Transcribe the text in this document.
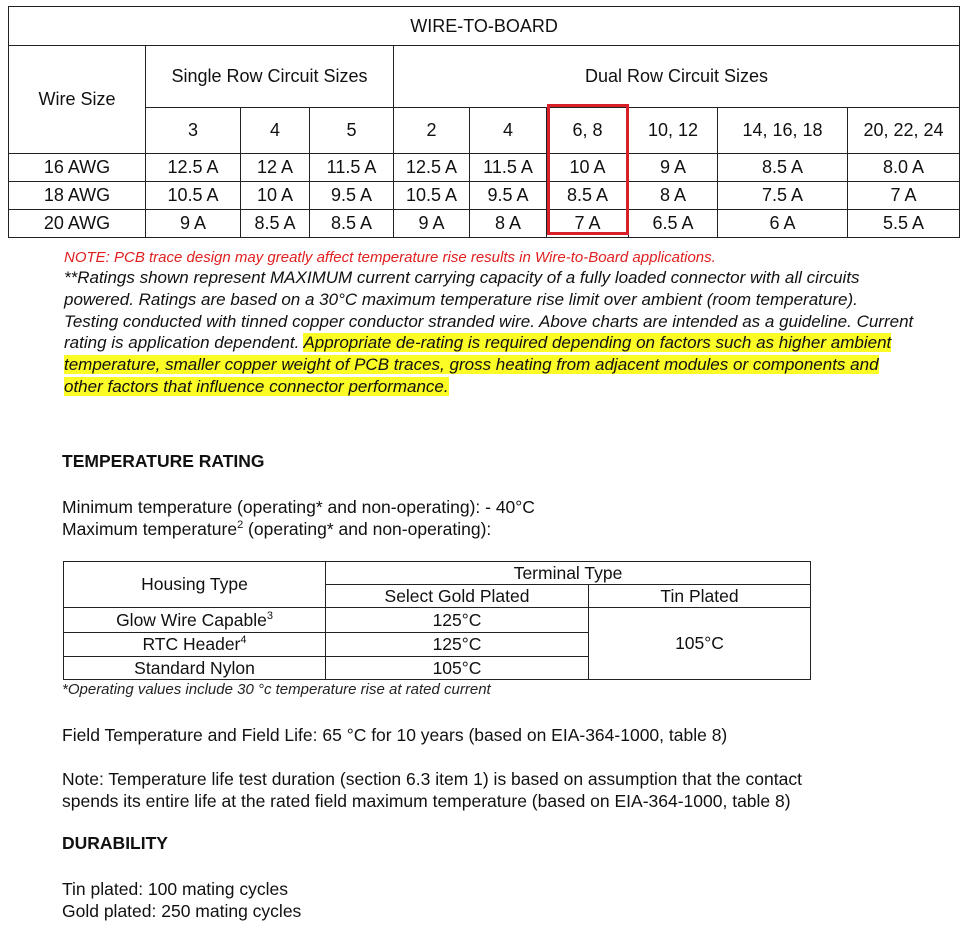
WIRE-TO-BOARD									
Wire Size	Single Row Circuit Sizes			Dual Row Circuit Sizes					
	3	4	5	2	4	6, 8	10, 12	14, 16, 18	20, 22, 24
16 AWG	12.5 A	12 A	11.5 A	12.5 A	11.5 A	10 A	9 A	8.5 A	8.0 A
18 AWG	10.5 A	10 A	9.5 A	10.5 A	9.5 A	8.5 A	8 A	7.5 A	7 A
20 AWG	9 A	8.5 A	8.5 A	9 A	8 A	7 A	6.5 A	6 A	5.5 A
NOTE: PCB trace design may greatly affect temperature rise results in Wire-to-Board applications.
**Ratings shown represent MAXIMUM current carrying capacity of a fully loaded connector with all circuits powered. Ratings are based on a 30°C maximum temperature rise limit over ambient (room temperature). Testing conducted with tinned copper conductor stranded wire. Above charts are intended as a guideline. Current rating is application dependent. Appropriate de-rating is required depending on factors such as higher ambient temperature, smaller copper weight of PCB traces, gross heating from adjacent modules or components and other factors that influence connector performance.
TEMPERATURE RATING
Minimum temperature (operating* and non-operating): - 40°C
Maximum temperature$^2$ (operating* and non-operating):
Housing Type	Terminal Type	
	Select Gold Plated	Tin Plated
Glow Wire Capable$^3$	125°C	105°C
RTC Header$^4$	125°C	
Standard Nylon	105°C	
*Operating values include 30 °c temperature rise at rated current
Field Temperature and Field Life: 65 °C for 10 years (based on EIA-364-1000, table 8)
Note: Temperature life test duration (section 6.3 item 1) is based on assumption that the contact
spends its entire life at the rated field maximum temperature (based on EIA-364-1000, table 8)
DURABILITY
Tin plated: 100 mating cycles
Gold plated: 250 mating cycles
